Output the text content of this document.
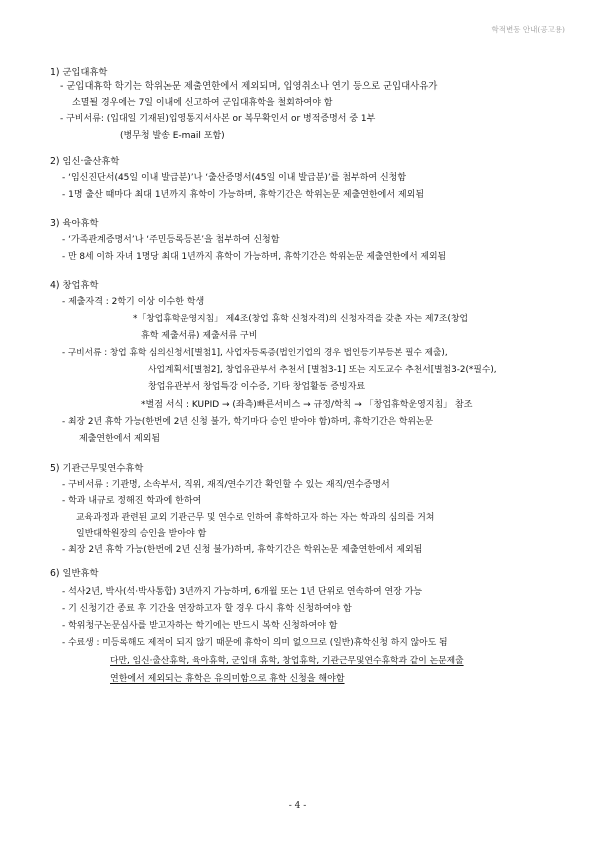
학적변동 안내(공고용)
1) 군입대휴학
- 군입대휴학 학기는 학위논문 제출연한에서 제외되며, 입영취소나 연기 등으로 군입대사유가
소멸될 경우에는 7일 이내에 신고하여 군입대휴학을 철회하여야 함
- 구비서류: (입대일 기재된)입영통지서사본 or 복무확인서 or 병적증명서 중 1부
(병무청 발송 E-mail 포함)
2) 임신·출산휴학
- ‘임신진단서(45일 이내 발급분)’나 ‘출산증명서(45일 이내 발급분)’를 첨부하여 신청함
- 1명 출산 때마다 최대 1년까지 휴학이 가능하며, 휴학기간은 학위논문 제출연한에서 제외됨
3) 육아휴학
- ‘가족관계증명서’나 ‘주민등록등본’을 첨부하여 신청함
- 만 8세 이하 자녀 1명당 최대 1년까지 휴학이 가능하며, 휴학기간은 학위논문 제출연한에서 제외됨
4) 창업휴학
- 제출자격 : 2학기 이상 이수한 학생
*「창업휴학운영지침」 제4조(창업 휴학 신청자격)의 신청자격을 갖춘 자는 제7조(창업
휴학 제출서류) 제출서류 구비
- 구비서류 : 창업 휴학 심의신청서[별첨1], 사업자등록증(법인기업의 경우 법인등기부등본 필수 제출),
사업계획서[별첨2], 창업유관부서 추천서 [별첨3-1] 또는 지도교수 추천서[별첨3-2(*필수),
창업유관부서 창업특강 이수증, 기타 창업활동 증빙자료
*별점 서식 : KUPID → (좌측)빠른서비스 → 규정/학칙 → 「창업휴학운영지침」 참조
- 최장 2년 휴학 가능(한번에 2년 신청 불가, 학기마다 승인 받아야 함)하며, 휴학기간은 학위논문
제출연한에서 제외됨
5) 기관근무및연수휴학
- 구비서류 : 기관명, 소속부서, 직위, 재직/연수기간 확인할 수 있는 재직/연수증명서
- 학과 내규로 정해진 학과에 한하여
교육과정과 관련된 교외 기관근무 및 연수로 인하여 휴학하고자 하는 자는 학과의 심의를 거쳐
일반대학원장의 승인을 받아야 함
- 최장 2년 휴학 가능(한번에 2년 신청 불가)하며, 휴학기간은 학위논문 제출연한에서 제외됨
6) 일반휴학
- 석사2년, 박사(석·박사통합) 3년까지 가능하며, 6개월 또는 1년 단위로 연속하여 연장 가능
- 기 신청기간 종료 후 기간을 연장하고자 할 경우 다시 휴학 신청하여야 함
- 학위청구논문심사를 받고자하는 학기에는 반드시 복학 신청하여야 함
- 수료생 : 미등록해도 제적이 되지 않기 때문에 휴학이 의미 없으므로 (일반)휴학신청 하지 않아도 됨
다만, 임신·출산휴학, 육아휴학, 군입대 휴학, 창업휴학, 기관근무및연수휴학과 같이 논문제출
연한에서 제외되는 휴학은 유의미함으로 휴학 신청을 해야함
- 4 -
